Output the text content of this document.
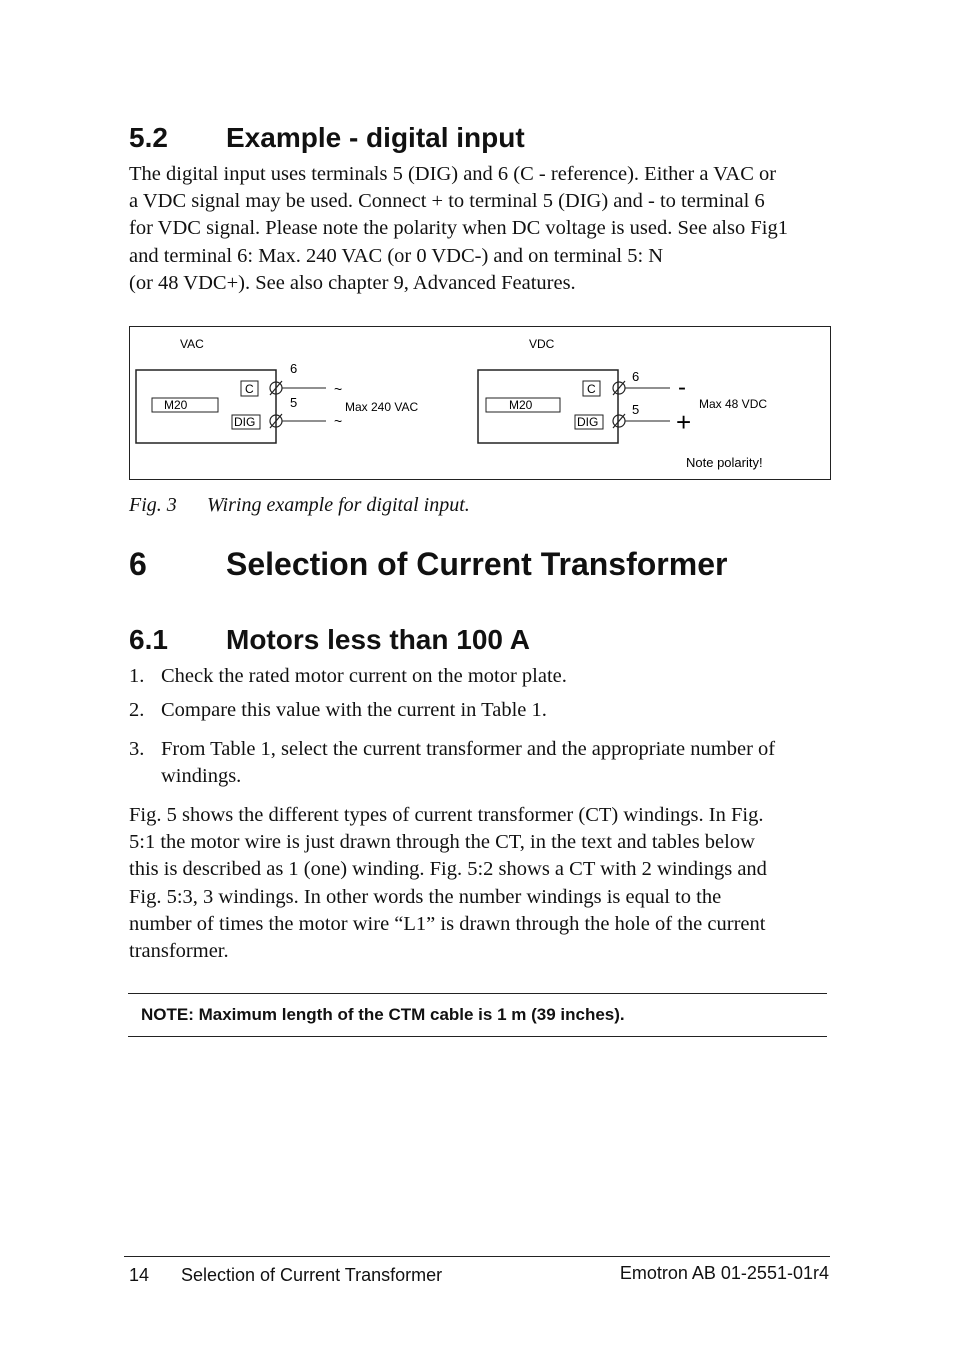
5.2 Example - digital input
The digital input uses terminals 5 (DIG) and 6 (C - reference). Either a VAC or
a VDC signal may be used. Connect + to terminal 5 (DIG) and - to terminal 6
for VDC signal. Please note the polarity when DC voltage is used. See also Fig1
and terminal 6: Max. 240 VAC (or 0 VDC-) and on terminal 5: N
(or 48 VDC+). See also chapter 9, Advanced Features.
VAC
M20
C
DIG
6
5
~
~
Max 240 VAC
VDC
M20
C
DIG
6
5
-
+
Max 48 VDC
Note polarity!
Fig. 3 Wiring example for digital input.
6 Selection of Current Transformer
6.1 Motors less than 100 A
1. Check the rated motor current on the motor plate.
2. Compare this value with the current in Table 1.
3. From Table 1, select the current transformer and the appropriate number of
windings.
Fig. 5 shows the different types of current transformer (CT) windings. In Fig.
5:1 the motor wire is just drawn through the CT, in the text and tables below
this is described as 1 (one) winding. Fig. 5:2 shows a CT with 2 windings and
Fig. 5:3, 3 windings. In other words the number windings is equal to the
number of times the motor wire “L1” is drawn through the hole of the current
transformer.
NOTE: Maximum length of the CTM cable is 1 m (39 inches).
14 Selection of Current Transformer	Emotron AB 01-2551-01r4
